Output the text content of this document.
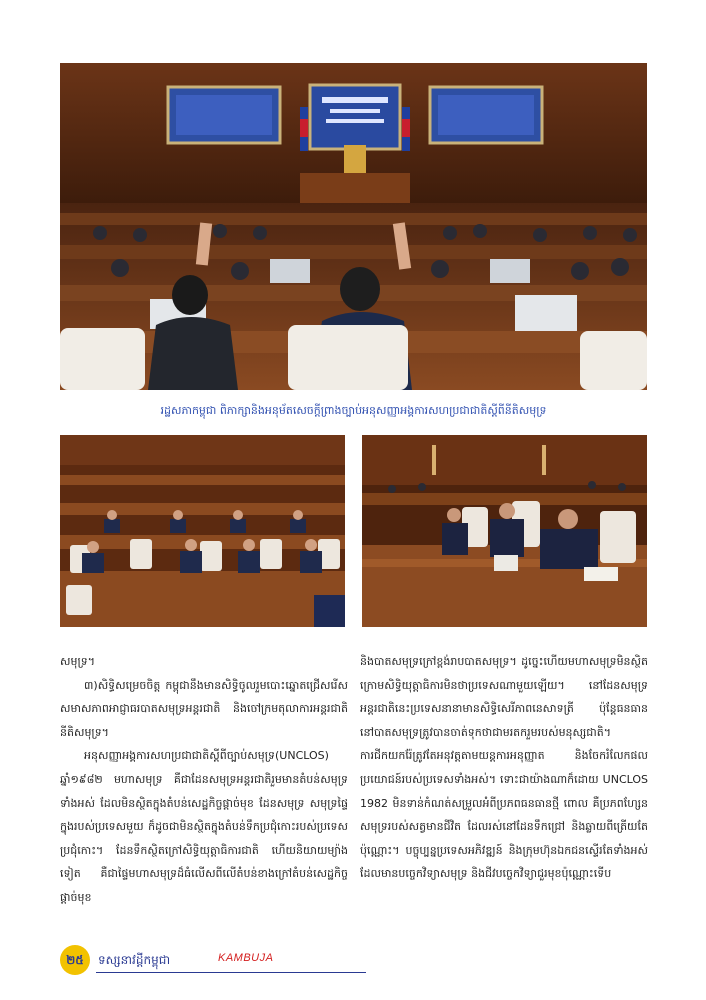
រដ្ឋសភាកម្ពុជា ពិភាក្សានិងអនុម័តសេចក្តីព្រាងច្បាប់អនុសញ្ញាអង្គការសហប្រជាជាតិស្តីពីនីតិសមុទ្រ

សមុទ្រ។

៣)សិទ្ធិសម្រេចចិត្ត កម្ពុជានឹងមានសិទ្ធិចូលរួមបោះឆ្នោតជ្រើសរើសសមាសភាពអាជ្ញាធរបាតសមុទ្រអន្តរជាតិ និងចៅក្រមតុលាការអន្តរជាតិនីតិសមុទ្រ។

អនុសញ្ញាអង្គការសហប្រជាជាតិស្តីពីច្បាប់សមុទ្រ(UNCLOS) ឆ្នាំ១៩៨២ មហាសមុទ្រ គឺជាដែនសមុទ្រអន្តរជាតិរួមមានតំបន់សមុទ្រទាំងអស់ ដែលមិនស្ថិតក្នុងតំបន់សេដ្ឋកិច្ចផ្តាច់មុខ ដែនសមុទ្រ សមុទ្រផ្ទៃក្នុងរបស់ប្រទេសមួយ ក៏ដូចជាមិនស្ថិតក្នុងតំបន់ទឹកប្រជុំកោះរបស់ប្រទេសប្រជុំកោះ។ ដែនទឹកស្ថិតក្រៅសិទ្ធិយុត្តាធិការជាតិ ហើយនិយាយម្យ៉ាងទៀត គឺជាផ្ទៃមហាសមុទ្រដ៏ធំលើសពីលើតំបន់ខាងក្រៅតំបន់សេដ្ឋកិច្ចផ្តាច់មុខ

និងបាតសមុទ្រក្រៅខ្ពង់រាបបាតសមុទ្រ។ ដូច្នេះហើយមហាសមុទ្រមិនស្ថិតក្រោមសិទ្ធិយុត្តាធិការមិនថាប្រទេសណាមួយឡើយ។ នៅដែនសមុទ្រអន្តរជាតិនេះប្រទេសនានាមានសិទ្ធិសេរីភាពនេសាទត្រី ប៉ុន្តែធនធាននៅបាតសមុទ្រត្រូវបានចាត់ទុកថាជាមរតករួមរបស់មនុស្សជាតិ។ ការជីកយករ៉ែត្រូវតែអនុវត្តតាមយន្តការអនុញ្ញាត និងចែករំលែកផលប្រយោជន៍របស់ប្រទេសទាំងអស់។ ទោះជាយ៉ាងណាក៏ដោយ UNCLOS 1982 មិនទាន់កំណត់សម្រួលអំពីប្រភពធនធានថ្មី ពោល គឺប្រភពហ្សែនសមុទ្ររបស់សត្វមានជីវិត ដែលរស់នៅដែនទឹកជ្រៅ និងឆ្លាយពីត្រើយតែប៉ុណ្ណោះ។ បច្ចុប្បន្នប្រទេសអភិវឌ្ឍន៍ និងក្រុមហ៊ុនឯកជនស្ទើរតែទាំងអស់ ដែលមានបច្ចេកវិទ្យាសមុទ្រ និងជីវបច្ចេកវិទ្យាជួរមុខប៉ុណ្ណោះទើប

២៥	ទស្សនាវដ្តីកម្ពុជា	KAMBUJA
